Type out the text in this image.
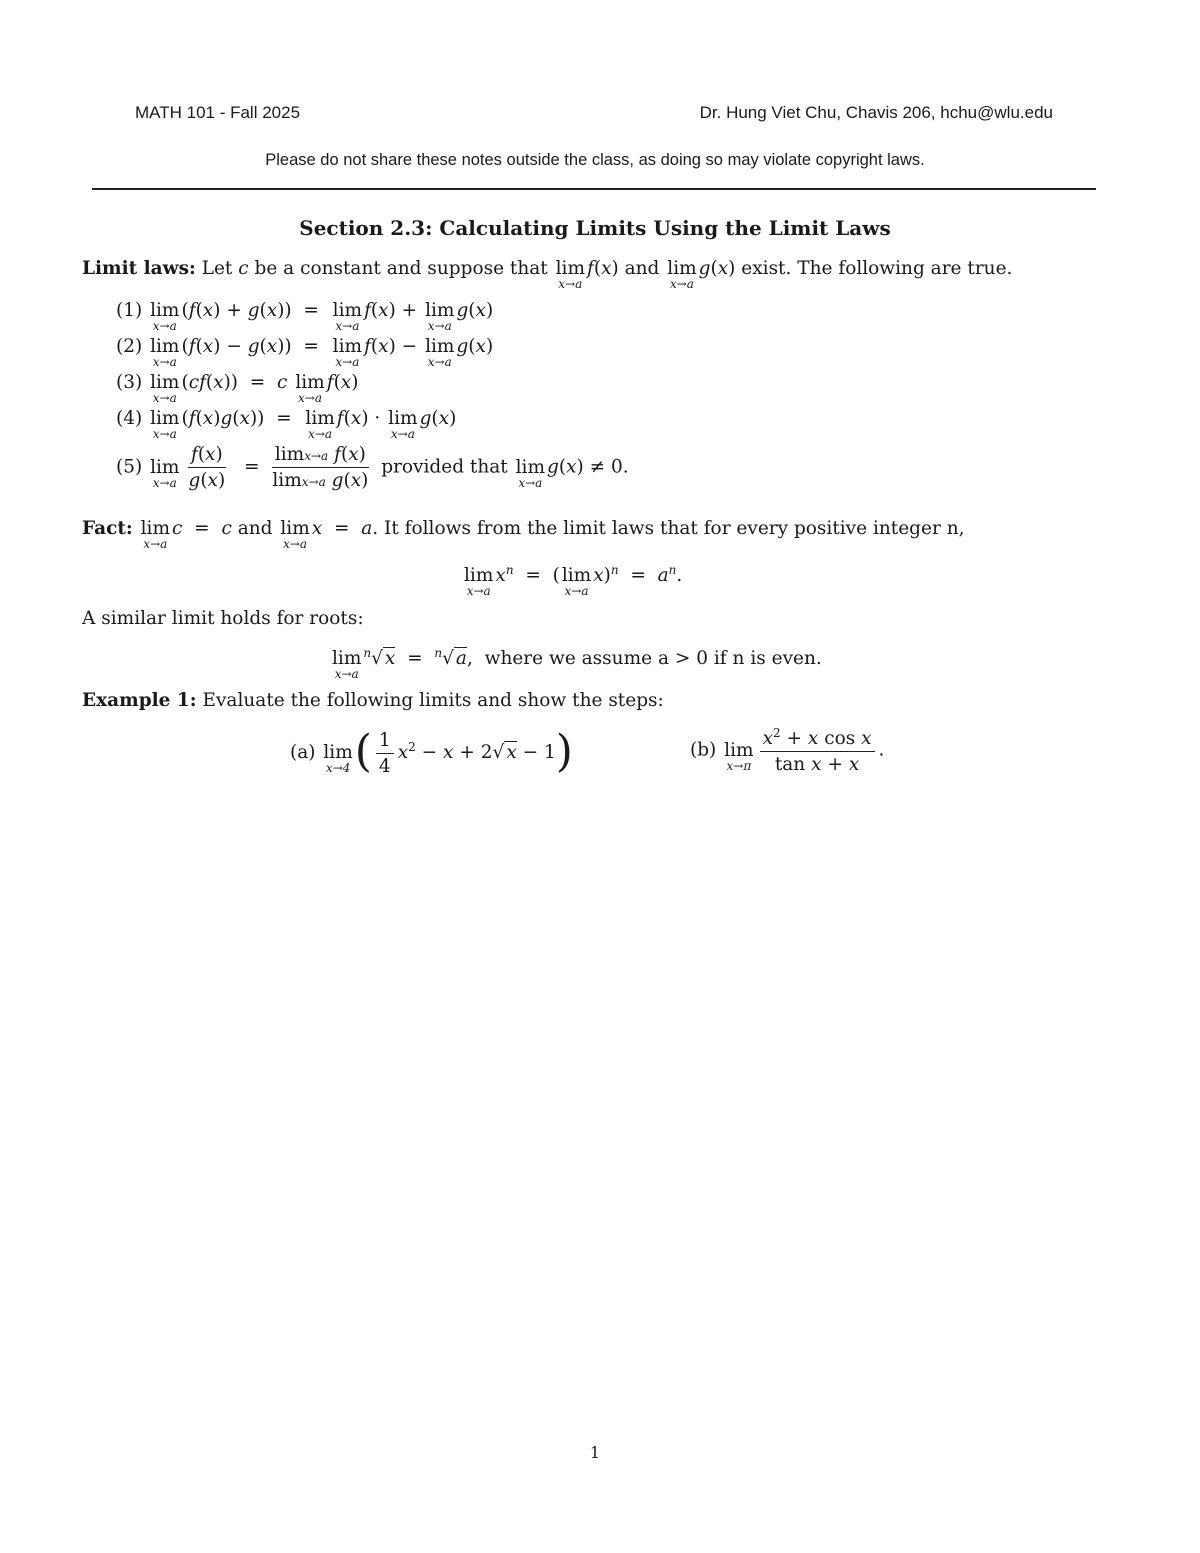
MATH 101 - Fall 2025	Dr. Hung Viet Chu, Chavis 206, hchu@wlu.edu
Please do not share these notes outside the class, as doing so may violate copyright laws.
Section 2.3: Calculating Limits Using the Limit Laws
Limit laws: Let c be a constant and suppose that lim
x→a
f(x) and lim
x→a
g(x) exist. The following are true.
(1) lim
x→a
(f(x) + g(x))  =  lim
x→a
f(x) + lim
x→a
g(x)
(2) lim
x→a
(f(x) − g(x))  =  lim
x→a
f(x) − lim
x→a
g(x)
(3) lim
x→a
(cf(x))  =  c lim
x→a
f(x)
(4) lim
x→a
(f(x)g(x))  =  lim
x→a
f(x) · lim
x→a
g(x)
(5) lim
$x\to a \frac{f(x)}{g(x)} = \frac{\text{limx→a f(x)}}{\text{limx→a g(x)}}$ provided that lim
x→a
g(x) ≠ 0.
Fact: lim
x→a
c  =  c and lim
x→a
x  =  a. It follows from the limit laws that for every positive integer n,
lim
x→a
$x^n$  =  ( lim
x→a
$x)^n = a^n$.
A similar limit holds for roots:
lim
x→a
$^n$√ x  =  $^n$√ a,  where we assume a > 0 if n is even.
Example 1: Evaluate the following limits and show the steps:
(a) lim
x→4 ( $\frac{1}{4} x^2 - x + 2√$ x − 1)	(b) lim
$x\to\pi \frac{x^2 + x \cos x}{\text{tan x + x}}$ .
1
